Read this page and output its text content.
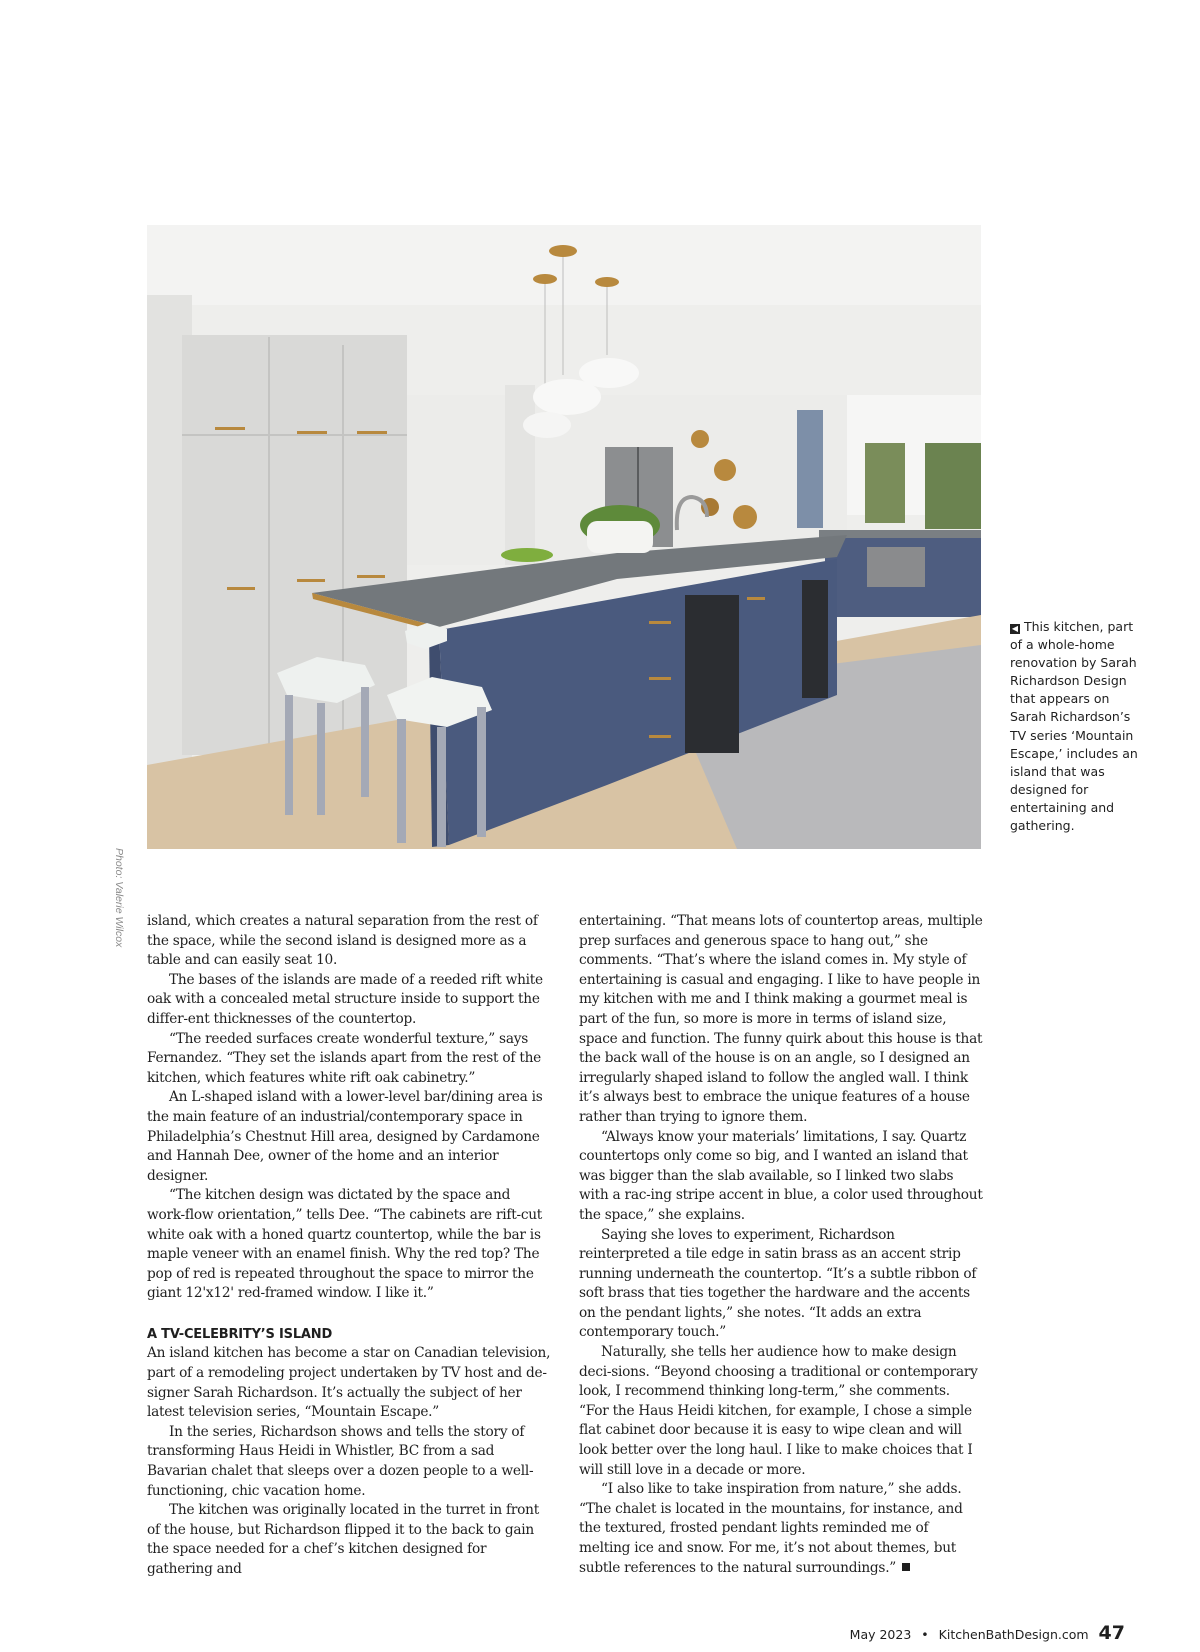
Photo: Valerie Wilcox

◀ This kitchen, part of a whole-home renovation by Sarah Richardson Design that appears on Sarah Richardson’s TV series ‘Mountain Escape,’ includes an island that was designed for entertaining and gathering.

island, which creates a natural separation from the rest of the space, while the second island is designed more as a table and can easily seat 10.

The bases of the islands are made of a reeded rift white oak with a concealed metal structure inside to support the differ-ent thicknesses of the countertop.

“The reeded surfaces create wonderful texture,” says Fernandez. “They set the islands apart from the rest of the kitchen, which features white rift oak cabinetry.”

An L-shaped island with a lower-level bar/dining area is the main feature of an industrial/contemporary space in Philadelphia’s Chestnut Hill area, designed by Cardamone and Hannah Dee, owner of the home and an interior designer.

“The kitchen design was dictated by the space and work-flow orientation,” tells Dee. “The cabinets are rift-cut white oak with a honed quartz countertop, while the bar is maple veneer with an enamel finish. Why the red top? The pop of red is repeated throughout the space to mirror the giant 12'x12' red-framed window. I like it.”

A TV-CELEBRITY’S ISLAND

An island kitchen has become a star on Canadian television, part of a remodeling project undertaken by TV host and de-signer Sarah Richardson. It’s actually the subject of her latest television series, “Mountain Escape.”

In the series, Richardson shows and tells the story of transforming Haus Heidi in Whistler, BC from a sad Bavarian chalet that sleeps over a dozen people to a well-functioning, chic vacation home.

The kitchen was originally located in the turret in front of the house, but Richardson flipped it to the back to gain the space needed for a chef’s kitchen designed for gathering and

entertaining. “That means lots of countertop areas, multiple prep surfaces and generous space to hang out,” she comments. “That’s where the island comes in. My style of entertaining is casual and engaging. I like to have people in my kitchen with me and I think making a gourmet meal is part of the fun, so more is more in terms of island size, space and function. The funny quirk about this house is that the back wall of the house is on an angle, so I designed an irregularly shaped island to follow the angled wall. I think it’s always best to embrace the unique features of a house rather than trying to ignore them.

“Always know your materials’ limitations, I say. Quartz countertops only come so big, and I wanted an island that was bigger than the slab available, so I linked two slabs with a rac-ing stripe accent in blue, a color used throughout the space,” she explains.

Saying she loves to experiment, Richardson reinterpreted a tile edge in satin brass as an accent strip running underneath the countertop. “It’s a subtle ribbon of soft brass that ties together the hardware and the accents on the pendant lights,” she notes. “It adds an extra contemporary touch.”

Naturally, she tells her audience how to make design deci-sions. “Beyond choosing a traditional or contemporary look, I recommend thinking long-term,” she comments. “For the Haus Heidi kitchen, for example, I chose a simple flat cabinet door because it is easy to wipe clean and will look better over the long haul. I like to make choices that I will still love in a decade or more.

“I also like to take inspiration from nature,” she adds. “The chalet is located in the mountains, for instance, and the textured, frosted pendant lights reminded me of melting ice and snow. For me, it’s not about themes, but subtle references to the natural surroundings.”

May 2023 • KitchenBathDesign.com 47
